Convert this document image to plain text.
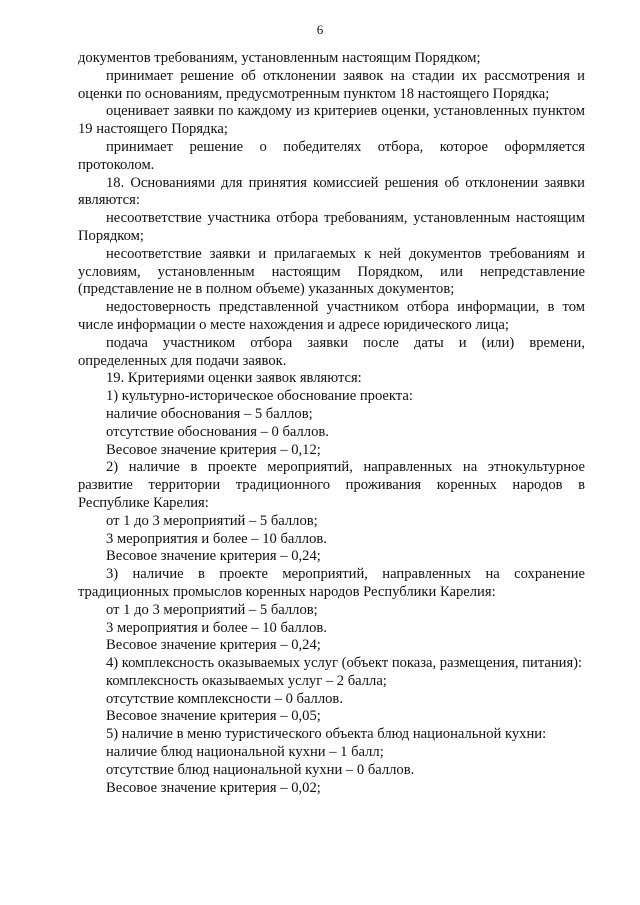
6

документов требованиям, установленным настоящим Порядком;

принимает решение об отклонении заявок на стадии их рассмотрения и оценки по основаниям, предусмотренным пунктом 18 настоящего Порядка;

оценивает заявки по каждому из критериев оценки, установленных пунктом 19 настоящего Порядка;

принимает решение о победителях отбора, которое оформляется протоколом.

18. Основаниями для принятия комиссией решения об отклонении заявки являются:

несоответствие участника отбора требованиям, установленным настоящим Порядком;

несоответствие заявки и прилагаемых к ней документов требованиям и условиям, установленным настоящим Порядком, или непредставление (представление не в полном объеме) указанных документов;

недостоверность представленной участником отбора информации, в том числе информации о месте нахождения и адресе юридического лица;

подача участником отбора заявки после даты и (или) времени, определенных для подачи заявок.

19. Критериями оценки заявок являются:

1) культурно-историческое обоснование проекта:

наличие обоснования – 5 баллов;

отсутствие обоснования – 0 баллов.

Весовое значение критерия – 0,12;

2) наличие в проекте мероприятий, направленных на этнокультурное развитие территории традиционного проживания коренных народов в Республике Карелия:

от 1 до 3 мероприятий – 5 баллов;

3 мероприятия и более – 10 баллов.

Весовое значение критерия – 0,24;

3) наличие в проекте мероприятий, направленных на сохранение традиционных промыслов коренных народов Республики Карелия:

от 1 до 3 мероприятий – 5 баллов;

3 мероприятия и более – 10 баллов.

Весовое значение критерия – 0,24;

4) комплексность оказываемых услуг (объект показа, размещения, питания):

комплексность оказываемых услуг – 2 балла;

отсутствие комплексности – 0 баллов.

Весовое значение критерия – 0,05;

5) наличие в меню туристического объекта блюд национальной кухни:

наличие блюд национальной кухни – 1 балл;

отсутствие блюд национальной кухни – 0 баллов.

Весовое значение критерия – 0,02;
